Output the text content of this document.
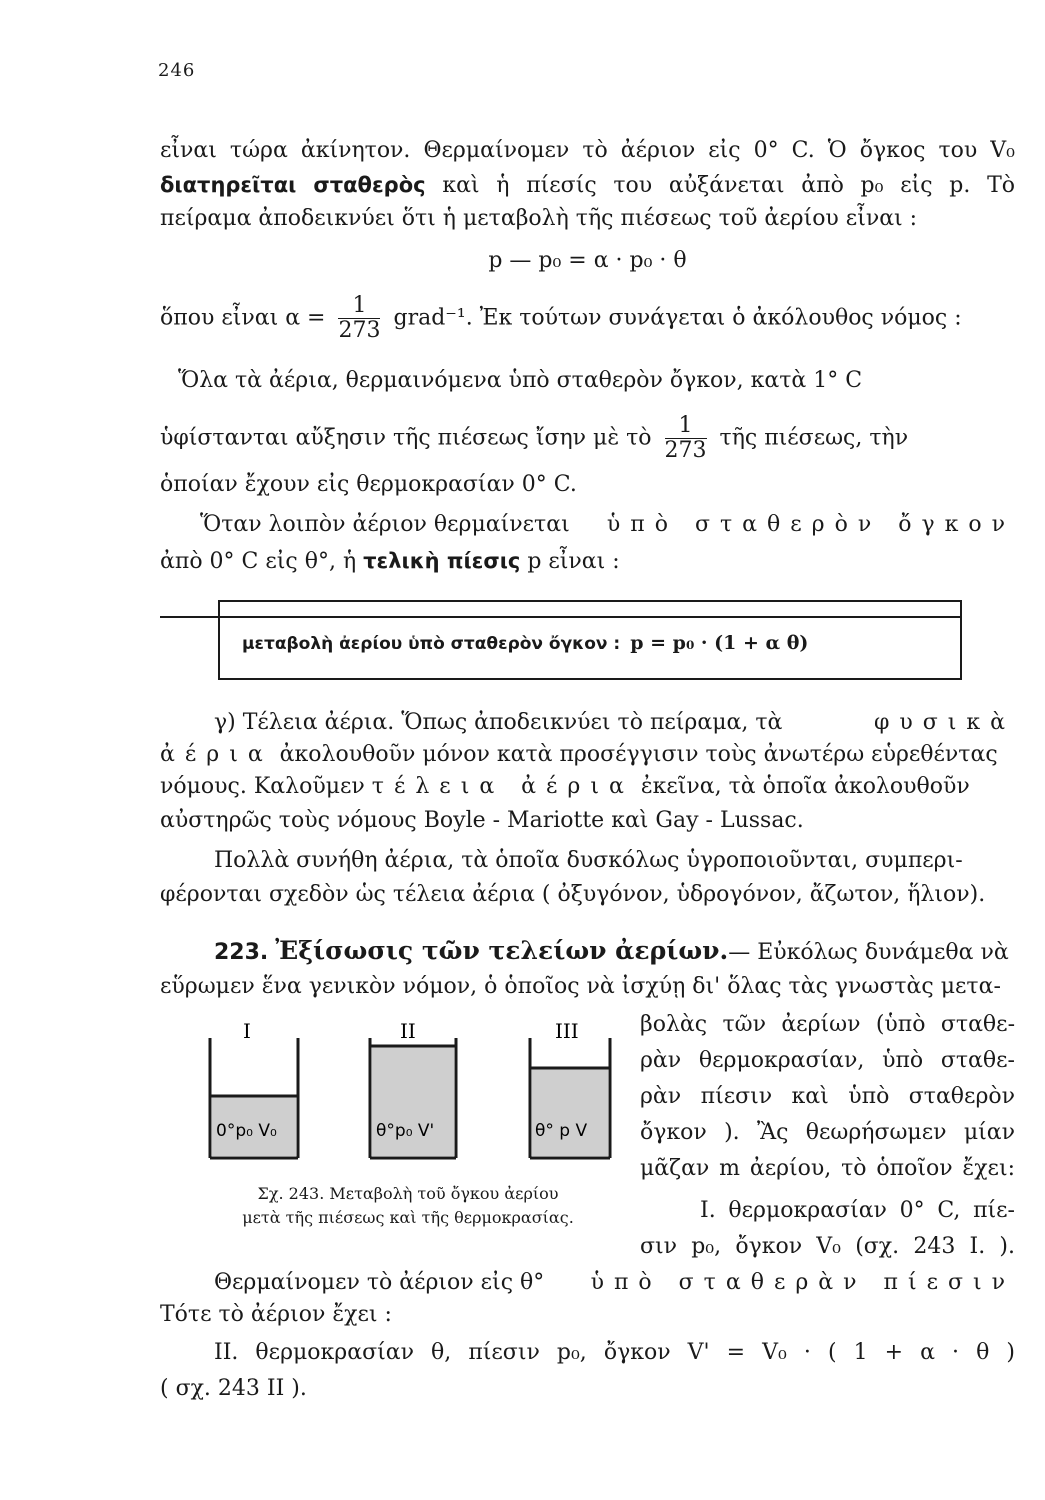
246
εἶναι τώρα ἀκίνητον. Θερμαίνομεν τὸ ἀέριον εἰς 0° C. Ὁ ὄγκος του V₀
διατηρεῖται σταθερὸς καὶ ἡ πίεσίς του αὐξάνεται ἀπὸ p₀ εἰς p. Τὸ
πείραμα ἀποδεικνύει ὅτι ἡ μεταβολὴ τῆς πιέσεως τοῦ ἀερίου εἶναι :
p — p₀ = α · p₀ · θ
ὅπου εἶναι $\alpha = \frac{1}{273}$ grad⁻¹. Ἐκ τούτων συνάγεται ὁ ἀκόλουθος νόμος :
Ὅλα τὰ ἀέρια, θερμαινόμενα ὑπὸ σταθερὸν ὄγκον, κατὰ 1° C
ὑφίστανται αὔξησιν τῆς πιέσεως ἴσην μὲ τὸ $\frac{1}{273}$ τῆς πιέσεως, τὴν
ὁποίαν ἔχουν εἰς θερμοκρασίαν 0° C.
Ὅταν λοιπὸν ἀέριον θερμαίνεται ὑπὸ σταθερὸν ὄγκον
ἀπὸ 0° C εἰς θ°, ἡ τελικὴ πίεσις p εἶναι :
μεταβολὴ ἀερίου ὑπὸ σταθερὸν ὄγκον : p = p₀ · (1 + α θ)
γ) Τέλεια ἀέρια. Ὅπως ἀποδεικνύει τὸ πείραμα, τὰ	φυσικὰ
ἀέρια ἀκολουθοῦν μόνον κατὰ προσέγγισιν τοὺς ἀνωτέρω εὑρεθέντας
νόμους. Καλοῦμεν τέλεια ἀέρια ἐκεῖνα, τὰ ὁποῖα ἀκολουθοῦν
αὐστηρῶς τοὺς νόμους Boyle - Mariotte καὶ Gay - Lussac.
Πολλὰ συνήθη ἀέρια, τὰ ὁποῖα δυσκόλως ὑγροποιοῦνται, συμπερι-
φέρονται σχεδὸν ὡς τέλεια ἀέρια ( ὀξυγόνον, ὑδρογόνον, ἄζωτον, ἥλιον).
223. Ἐξίσωσις τῶν τελείων ἀερίων.— Εὐκόλως δυνάμεθα νὰ
εὕρωμεν ἕνα γενικὸν νόμον, ὁ ὁποῖος νὰ ἰσχύῃ δι' ὅλας τὰς γνωστὰς μετα-
I	II	III
0°p₀ V₀	θ°p₀ V'	θ° p V
Σχ. 243. Μεταβολὴ τοῦ ὄγκου ἀερίου
μετὰ τῆς πιέσεως καὶ τῆς θερμοκρασίας.
βολὰς τῶν ἀερίων (ὑπὸ σταθε-
ρὰν θερμοκρασίαν, ὑπὸ σταθε-
ρὰν πίεσιν καὶ ὑπὸ σταθερὸν
ὄγκον ). Ἂς θεωρήσωμεν μίαν
μᾶζαν m ἀερίου, τὸ ὁποῖον ἔχει:
I. θερμοκρασίαν 0° C, πίε-
σιν p₀, ὄγκον V₀ (σχ. 243 I. ).
Θερμαίνομεν τὸ ἀέριον εἰς θ° ὑπὸ σταθερὰν πίεσιν
Τότε τὸ ἀέριον ἔχει :
II. θερμοκρασίαν θ, πίεσιν p₀, ὄγκον V' = V₀ · ( 1 + α · θ )
( σχ. 243 II ).
